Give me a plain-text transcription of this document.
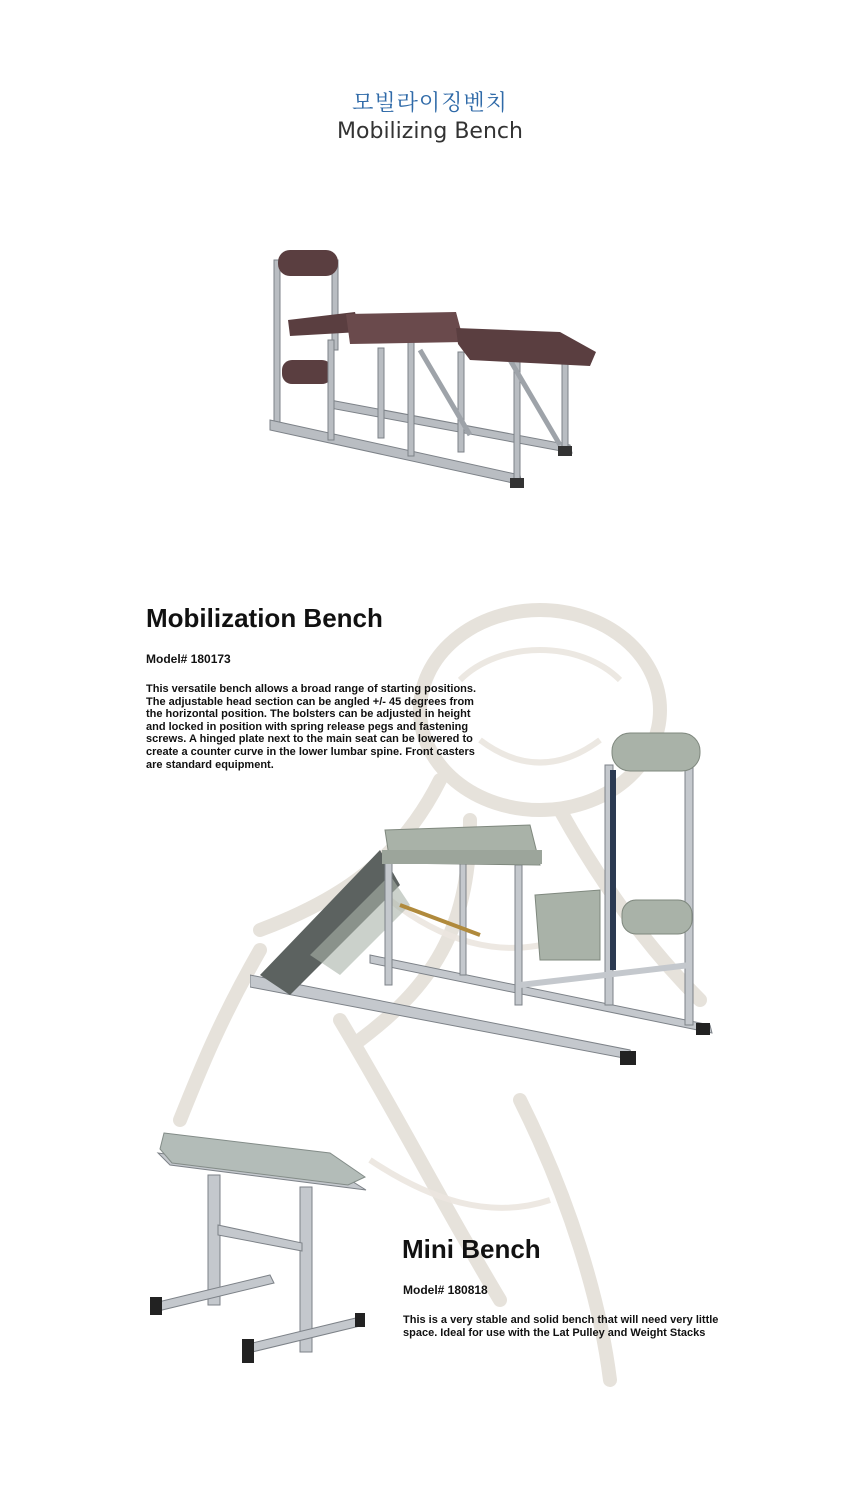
모빌라이징벤치
Mobilizing Bench
Mobilization Bench
Model# 180173
This versatile bench allows a broad range of starting positions.
The adjustable head section can be angled +/- 45 degrees from
the horizontal position. The bolsters can be adjusted in height
and locked in position with spring release pegs and fastening
screws. A hinged plate next to the main seat can be lowered to
create a counter curve in the lower lumbar spine. Front casters
are standard equipment.
Mini Bench
Model# 180818
This is a very stable and solid bench that will need very little
space. Ideal for use with the Lat Pulley and Weight Stacks
